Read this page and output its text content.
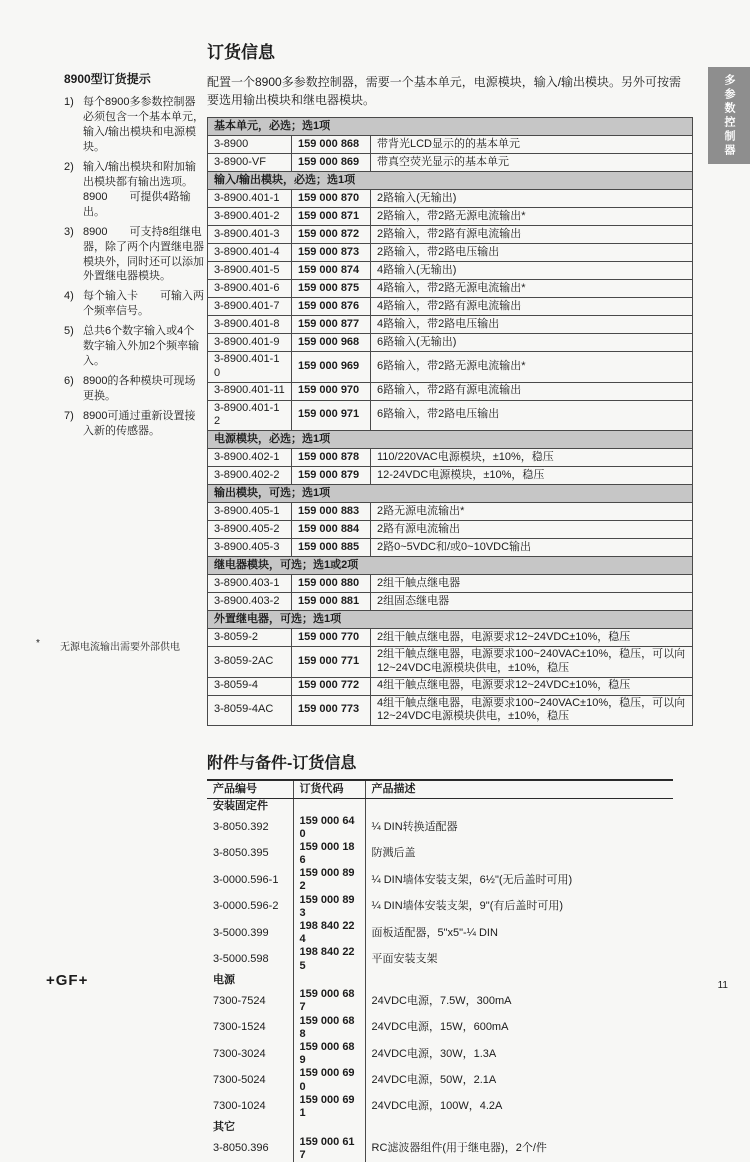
多参数控制器
8900型订货提示
1) 每个8900多参数控制器必须包含一个基本单元，输入/输出模块和电源模块。
2) 输入/输出模块和附加输出模块都有输出选项。8900　　可提供4路输出。
3) 8900　　可支持8组继电器，除了两个内置继电器模块外，同时还可以添加外置继电器模块。
4) 每个输入卡　　可输入两个频率信号。
5) 总共6个数字输入或4个数字输入外加2个频率输入。
6) 8900的各种模块可现场更换。
7) 8900可通过重新设置接入新的传感器。
*	无源电流输出需要外部供电
订货信息

配置一个8900多参数控制器，需要一个基本单元，电源模块，输入/输出模块。另外可按需要选用输出模块和继电器模块。

基本单元，必选；选1项		
3-8900	159 000 868	带背光LCD显示的的基本单元
3-8900-VF	159 000 869	带真空荧光显示的基本单元
输入/输出模块，必选；选1项		
3-8900.401-1	159 000 870	2路输入(无输出)
3-8900.401-2	159 000 871	2路输入，带2路无源电流输出*
3-8900.401-3	159 000 872	2路输入，带2路有源电流输出
3-8900.401-4	159 000 873	2路输入，带2路电压输出
3-8900.401-5	159 000 874	4路输入(无输出)
3-8900.401-6	159 000 875	4路输入，带2路无源电流输出*
3-8900.401-7	159 000 876	4路输入，带2路有源电流输出
3-8900.401-8	159 000 877	4路输入，带2路电压输出
3-8900.401-9	159 000 968	6路输入(无输出)
3-8900.401-10	159 000 969	6路输入，带2路无源电流输出*
3-8900.401-11	159 000 970	6路输入，带2路有源电流输出
3-8900.401-12	159 000 971	6路输入，带2路电压输出
电源模块，必选；选1项		
3-8900.402-1	159 000 878	110/220VAC电源模块，±10%，稳压
3-8900.402-2	159 000 879	12-24VDC电源模块，±10%，稳压
输出模块，可选；选1项		
3-8900.405-1	159 000 883	2路无源电流输出*
3-8900.405-2	159 000 884	2路有源电流输出
3-8900.405-3	159 000 885	2路0~5VDC和/或0~10VDC输出
继电器模块，可选；选1或2项		
3-8900.403-1	159 000 880	2组干触点继电器
3-8900.403-2	159 000 881	2组固态继电器
外置继电器，可选；选1项		
3-8059-2	159 000 770	2组干触点继电器，电源要求12~24VDC±10%，稳压
3-8059-2AC	159 000 771	2组干触点继电器，电源要求100~240VAC±10%，稳压，可以向12~24VDC电源模块供电，±10%，稳压
3-8059-4	159 000 772	4组干触点继电器，电源要求12~24VDC±10%，稳压
3-8059-4AC	159 000 773	4组干触点继电器，电源要求100~240VAC±10%，稳压，可以向12~24VDC电源模块供电，±10%，稳压
附件与备件-订货信息
产品编号	订货代码	产品描述
安装固定件		
3-8050.392	159 000 640	¼ DIN转换适配器
3-8050.395	159 000 186	防溅后盖
3-0000.596-1	159 000 892	¼ DIN墙体安装支架，6½"(无后盖时可用)
3-0000.596-2	159 000 893	¼ DIN墙体安装支架，9"(有后盖时可用)
3-5000.399	198 840 224	面板适配器，5"x5"-¼ DIN
3-5000.598	198 840 225	平面安装支架
电源		
7300-7524	159 000 687	24VDC电源，7.5W，300mA
7300-1524	159 000 688	24VDC电源，15W，600mA
7300-3024	159 000 689	24VDC电源，30W，1.3A
7300-5024	159 000 690	24VDC电源，50W，2.1A
7300-1024	159 000 691	24VDC电源，100W，4.2A
其它		
3-8050.396	159 000 617	RC滤波器组件(用于继电器)，2个/件
+GF+	11
